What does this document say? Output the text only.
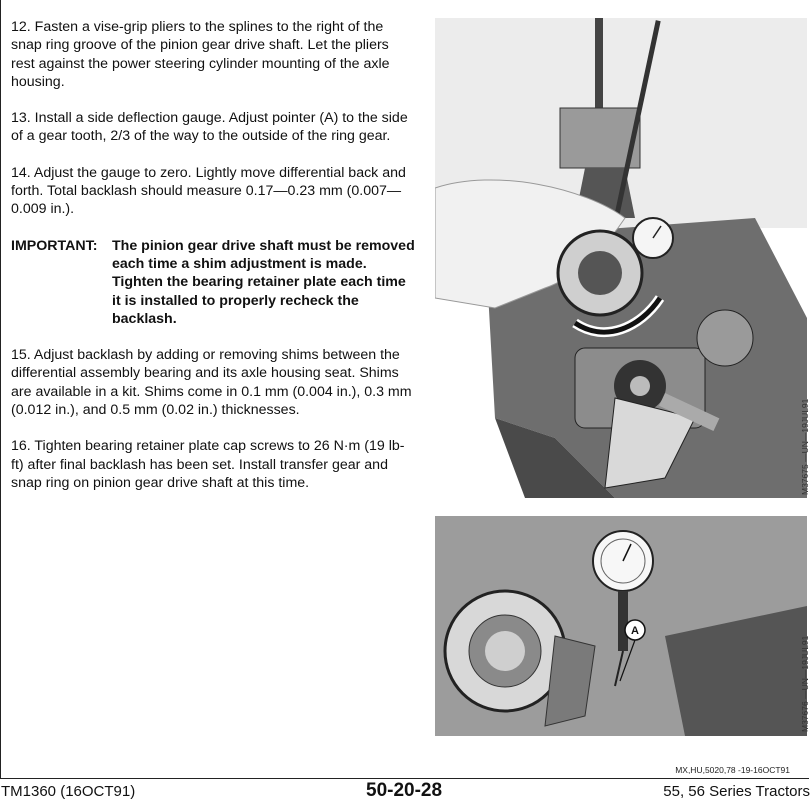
12. Fasten a vise-grip pliers to the splines to the right of the snap ring groove of the pinion gear drive shaft. Let the pliers rest against the power steering cylinder mounting of the axle housing.

13. Install a side deflection gauge. Adjust pointer (A) to the side of a gear tooth, 2/3 of the way to the outside of the ring gear.

14. Adjust the gauge to zero. Lightly move differential back and forth. Total backlash should measure 0.17—0.23 mm (0.007—0.009 in.).

IMPORTANT:	The pinion gear drive shaft must be removed each time a shim adjustment is made. Tighten the bearing retainer plate each time it is installed to properly recheck the backlash.

15. Adjust backlash by adding or removing shims between the differential assembly bearing and its axle housing seat. Shims are available in a kit. Shims come in 0.1 mm (0.004 in.), 0.3 mm (0.012 in.), and 0.5 mm (0.02 in.) thicknesses.

16. Tighten bearing retainer plate cap screws to 26 N·m (19 lb-ft) after final backlash has been set. Install transfer gear and snap ring on pinion gear drive shaft at this time.	M37675 —UN—19JUL91
A
M37676 —UN—19JUL91
MX,HU,5020,78 -19-16OCT91
TM1360 (16OCT91)	50-20-28	55, 56 Series Tractors
